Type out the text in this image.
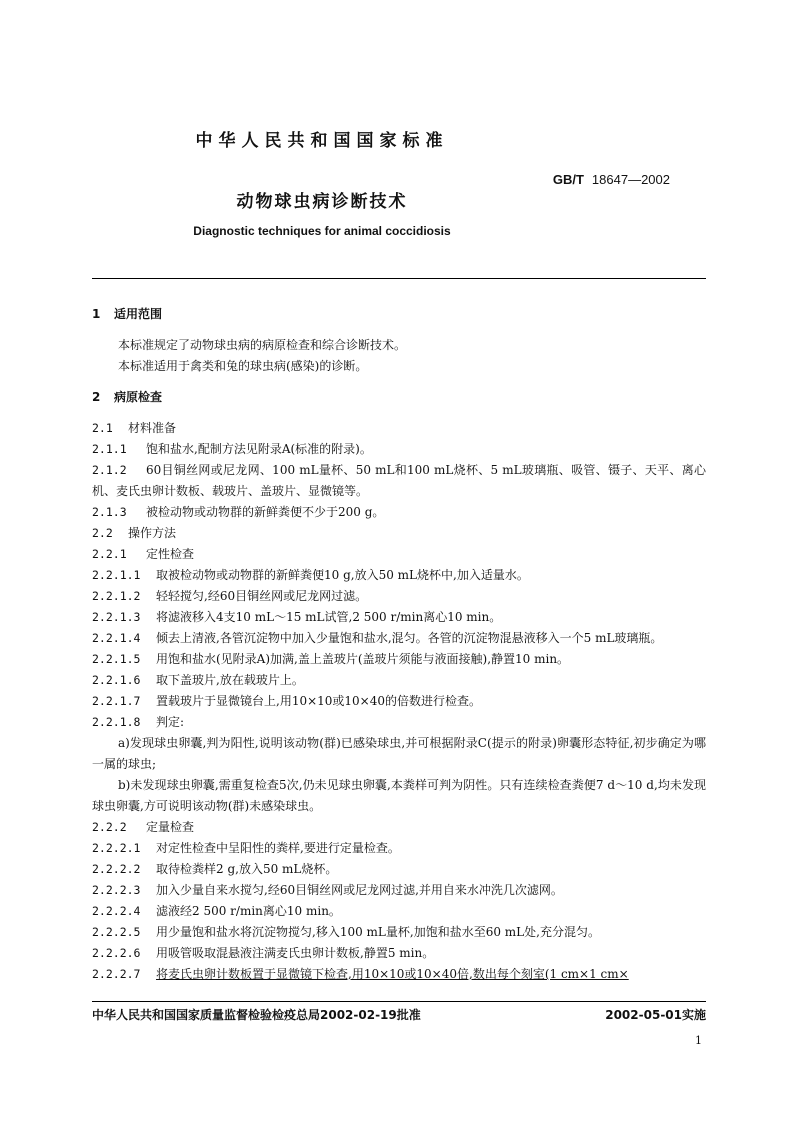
中华人民共和国国家标准
GB/T 18647—2002
动物球虫病诊断技术
Diagnostic techniques for animal coccidiosis
1 适用范围
本标准规定了动物球虫病的病原检查和综合诊断技术。
本标准适用于禽类和兔的球虫病(感染)的诊断。
2 病原检查
2.1 材料准备
2.1.1 饱和盐水,配制方法见附录A(标准的附录)。
2.1.2 60目铜丝网或尼龙网、100 mL量杯、50 mL和100 mL烧杯、5 mL玻璃瓶、吸管、镊子、天平、离心机、麦氏虫卵计数板、载玻片、盖玻片、显微镜等。
2.1.3 被检动物或动物群的新鲜粪便不少于200 g。
2.2 操作方法
2.2.1 定性检查
2.2.1.1 取被检动物或动物群的新鲜粪便10 g,放入50 mL烧杯中,加入适量水。
2.2.1.2 轻轻搅匀,经60目铜丝网或尼龙网过滤。
2.2.1.3 将滤液移入4支10 mL～15 mL试管,2 500 r/min离心10 min。
2.2.1.4 倾去上清液,各管沉淀物中加入少量饱和盐水,混匀。各管的沉淀物混悬液移入一个5 mL玻璃瓶。
2.2.1.5 用饱和盐水(见附录A)加满,盖上盖玻片(盖玻片须能与液面接触),静置10 min。
2.2.1.6 取下盖玻片,放在载玻片上。
2.2.1.7 置载玻片于显微镜台上,用10×10或10×40的倍数进行检查。
2.2.1.8 判定:
a)发现球虫卵囊,判为阳性,说明该动物(群)已感染球虫,并可根据附录C(提示的附录)卵囊形态特征,初步确定为哪一属的球虫;
b)未发现球虫卵囊,需重复检查5次,仍未见球虫卵囊,本粪样可判为阴性。只有连续检查粪便7 d～10 d,均未发现球虫卵囊,方可说明该动物(群)未感染球虫。
2.2.2 定量检查
2.2.2.1 对定性检查中呈阳性的粪样,要进行定量检查。
2.2.2.2 取待检粪样2 g,放入50 mL烧杯。
2.2.2.3 加入少量自来水搅匀,经60目铜丝网或尼龙网过滤,并用自来水冲洗几次滤网。
2.2.2.4 滤液经2 500 r/min离心10 min。
2.2.2.5 用少量饱和盐水将沉淀物搅匀,移入100 mL量杯,加饱和盐水至60 mL处,充分混匀。
2.2.2.6 用吸管吸取混悬液注满麦氏虫卵计数板,静置5 min。
2.2.2.7 将麦氏虫卵计数板置于显微镜下检查,用10×10或10×40倍,数出每个刻室(1 cm×1 cm×
中华人民共和国国家质量监督检验检疫总局2002-02-19批准	2002-05-01实施
1
